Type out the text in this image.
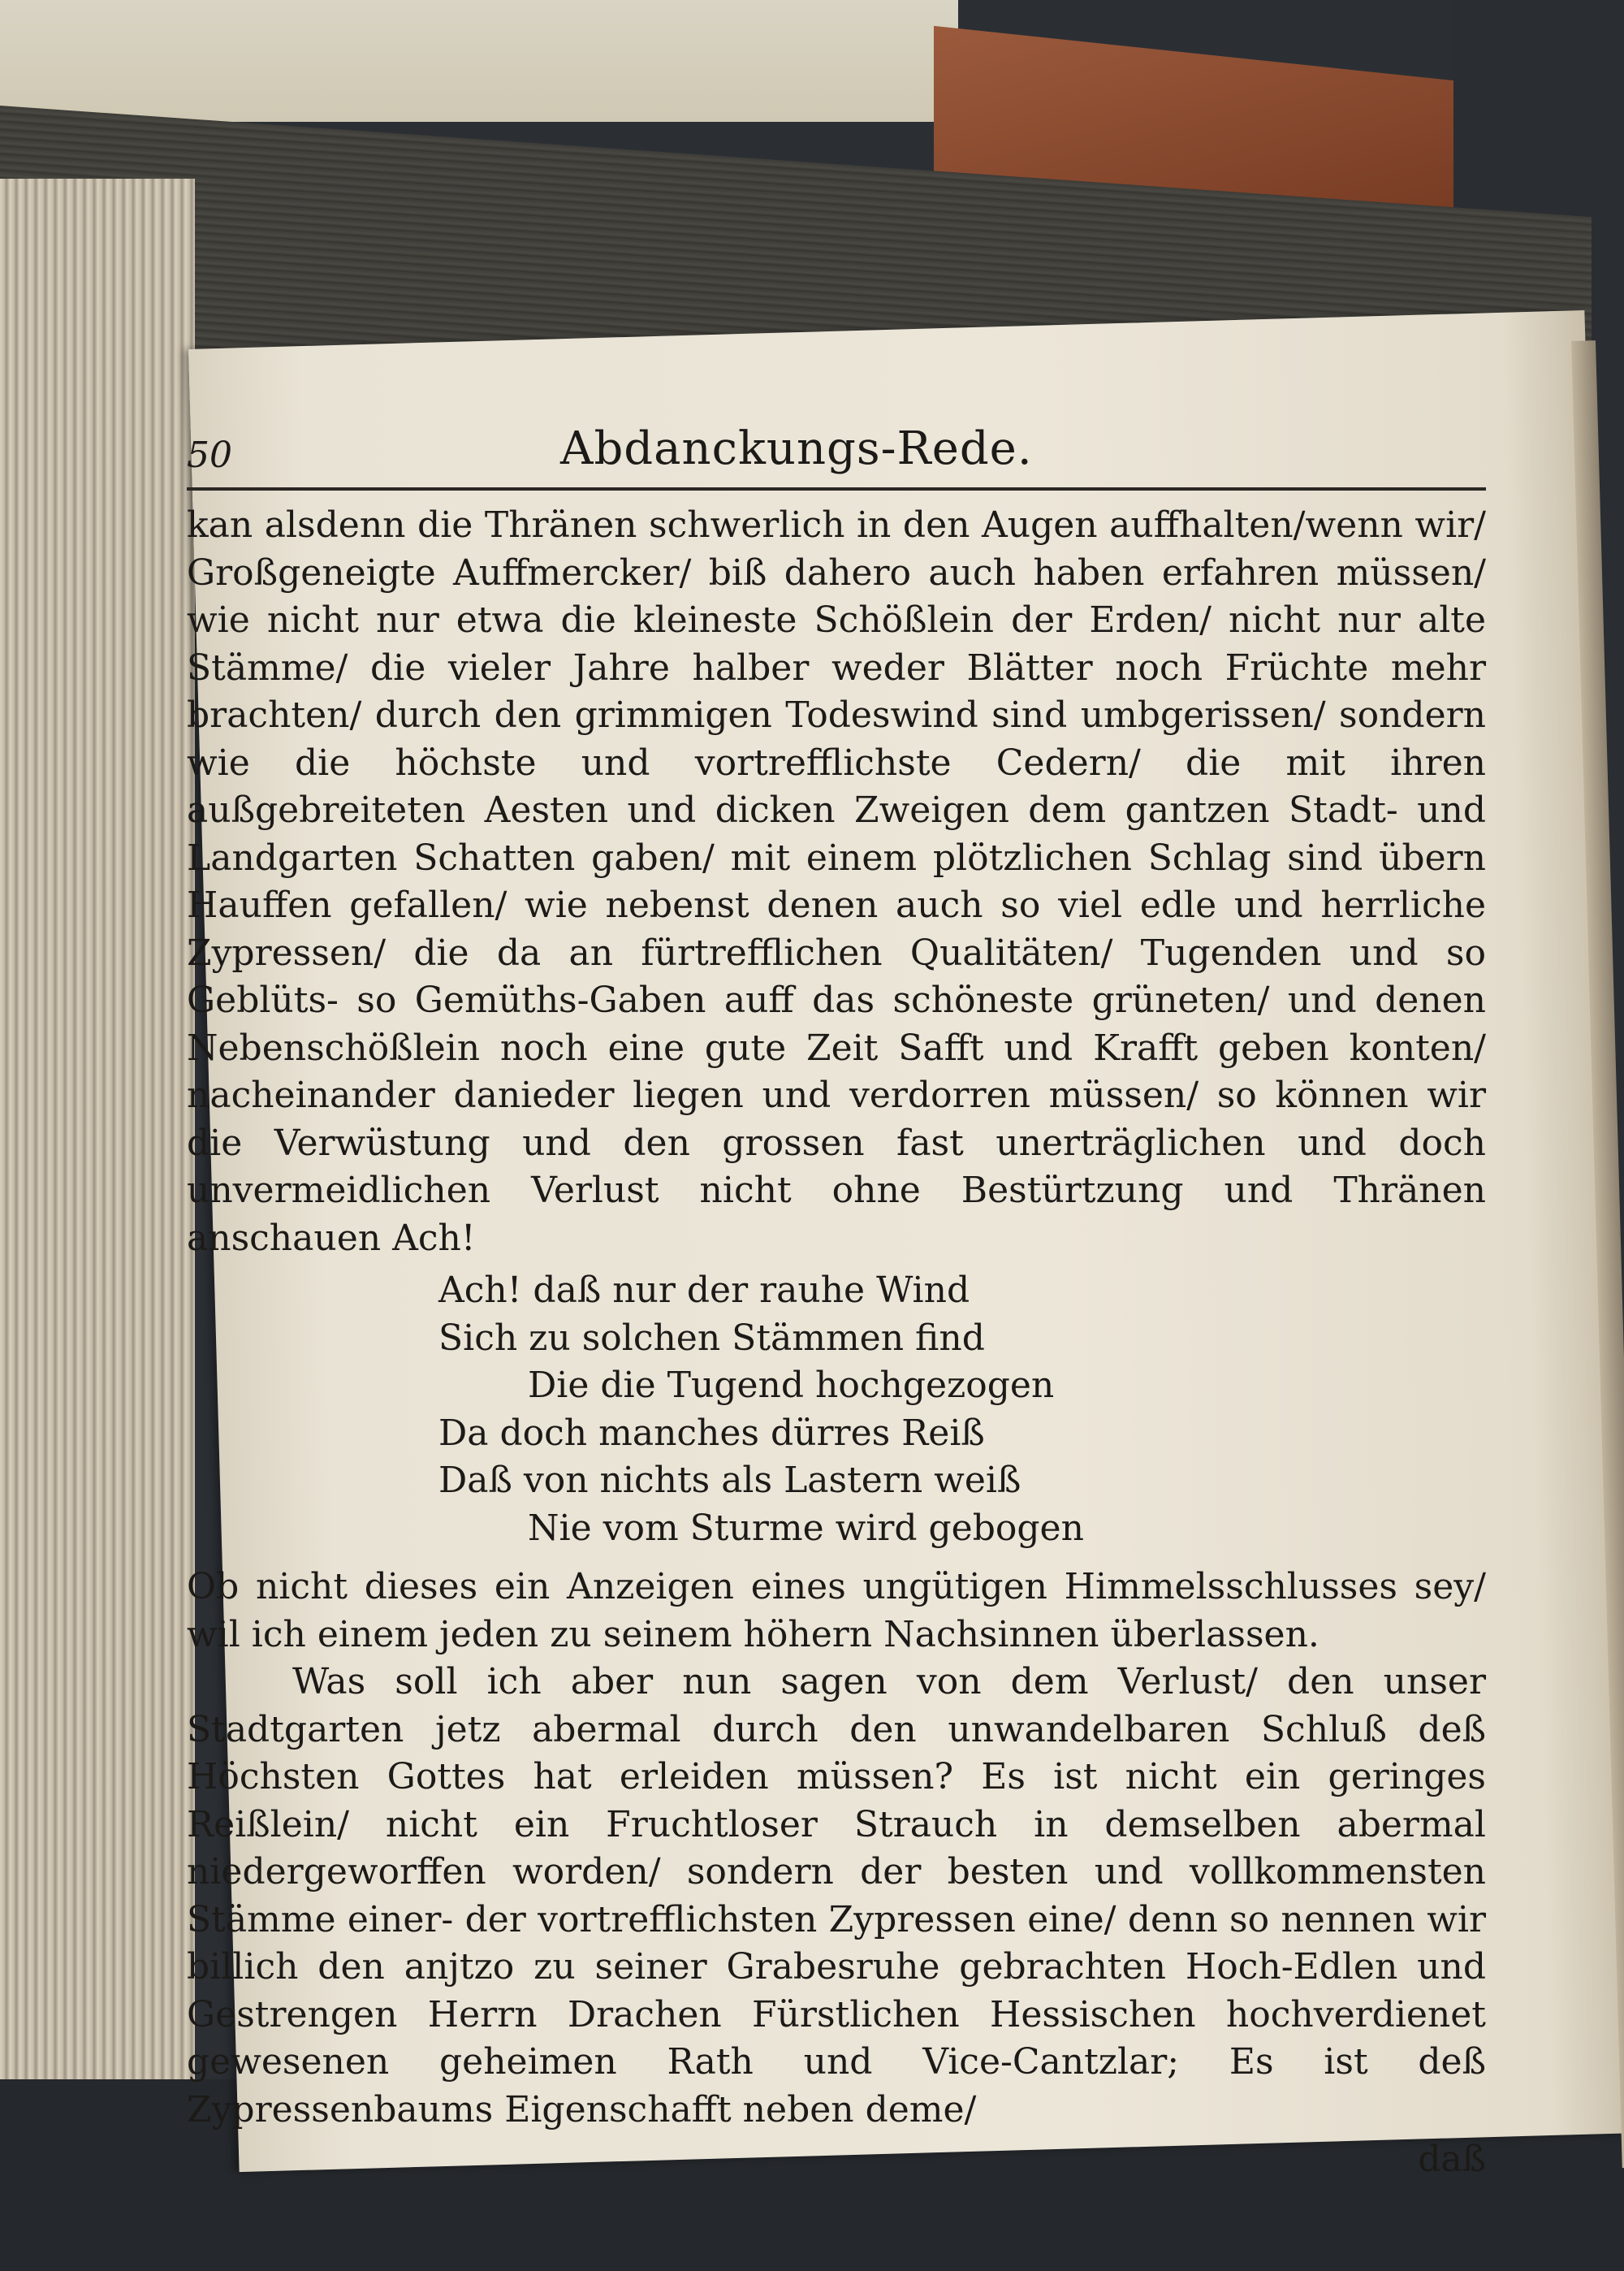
50	Abdanckungs-Rede.

kan alsdenn die Thränen schwerlich in den Augen auffhalten/wenn wir/ Großgeneigte Auffmercker/ biß dahero auch haben erfahren müssen/ wie nicht nur etwa die kleineste Schößlein der Erden/ nicht nur alte Stämme/ die vieler Jahre halber weder Blätter noch Früchte mehr brachten/ durch den grimmigen Todeswind sind umbgerissen/ sondern wie die höchste und vortrefflichste Cedern/ die mit ihren außgebreiteten Aesten und dicken Zweigen dem gantzen Stadt- und Landgarten Schatten gaben/ mit einem plötzlichen Schlag sind übern Hauffen gefallen/ wie nebenst denen auch so viel edle und herrliche Zypressen/ die da an fürtrefflichen Qualitäten/ Tugenden und so Geblüts- so Gemüths-Gaben auff das schöneste grüneten/ und denen Nebenschößlein noch eine gute Zeit Safft und Krafft geben konten/ nacheinander danieder liegen und verdorren müssen/ so können wir die Verwüstung und den grossen fast unerträglichen und doch unvermeidlichen Verlust nicht ohne Bestürtzung und Thränen anschauen Ach!

Ach! daß nur der rauhe Wind
Sich zu solchen Stämmen find
Die die Tugend hochgezogen
Da doch manches dürres Reiß
Daß von nichts als Lastern weiß
Nie vom Sturme wird gebogen

Ob nicht dieses ein Anzeigen eines ungütigen Himmelsschlusses sey/ wil ich einem jeden zu seinem höhern Nachsinnen überlassen.

Was soll ich aber nun sagen von dem Verlust/ den unser Stadtgarten jetz abermal durch den unwandelbaren Schluß deß Höchsten Gottes hat erleiden müssen? Es ist nicht ein geringes Reißlein/ nicht ein Fruchtloser Strauch in demselben abermal niedergeworffen worden/ sondern der besten und vollkommensten Stämme einer- der vortrefflichsten Zypressen eine/ denn so nennen wir billich den anjtzo zu seiner Grabesruhe gebrachten Hoch-Edlen und Gestrengen Herrn Drachen Fürstlichen Hessischen hochverdienet gewesenen geheimen Rath und Vice-Cantzlar; Es ist deß Zypressenbaums Eigenschafft neben deme/

daß
